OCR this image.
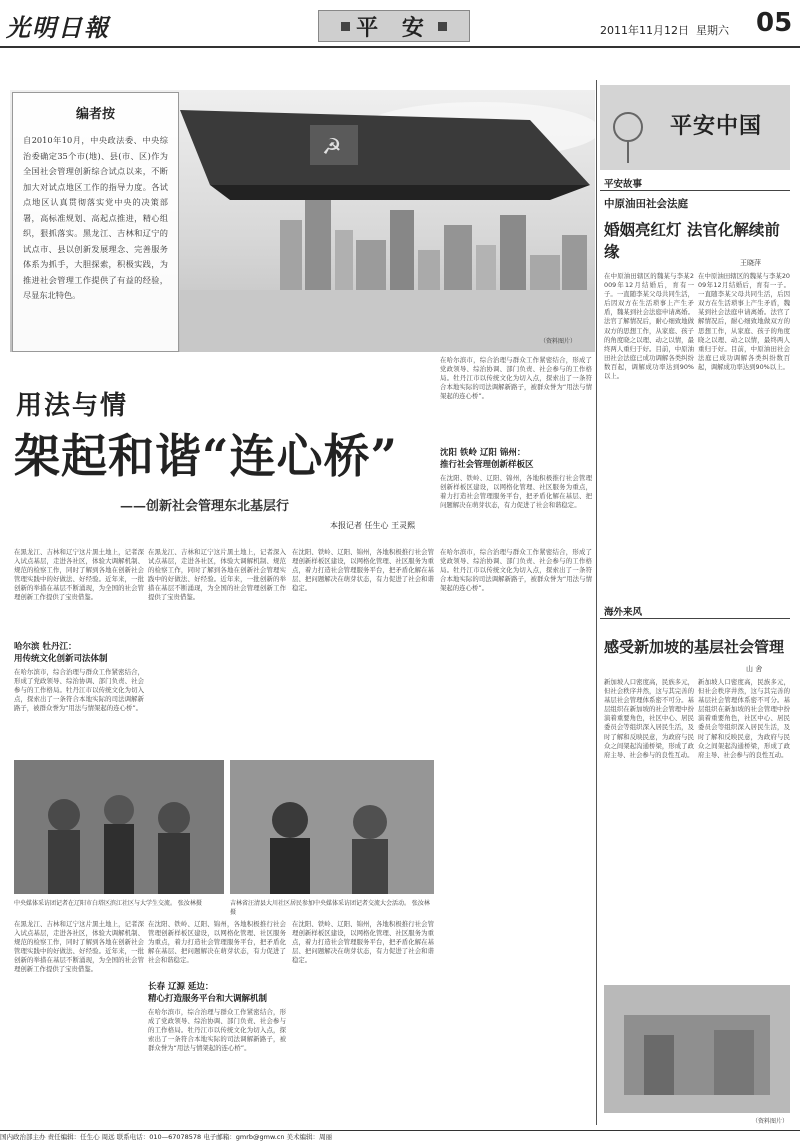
光明日報	平 安	2011年11月12日 星期六 05
☭
编者按
自2010年10月，中央政法委、中央综治委确定35个市(地)、县(市、区)作为全国社会管理创新综合试点以来，不断加大对试点地区工作的指导力度。各试点地区认真贯彻落实党中央的决策部署，高标准规划、高起点推进，精心组织，狠抓落实。黑龙江、吉林和辽宁的试点市、县以创新发展理念、完善服务体系为抓手，大胆探索，积极实践，为推进社会管理工作提供了有益的经验，尽显东北特色。
（资料图片）
用法与情
架起和谐“连心桥”
——创新社会管理东北基层行
本报记者 任生心 王灵熙
在哈尔滨市，综合治理与群众工作紧密结合，形成了党政领导、综治协调、部门负责、社会参与的工作格局。牡丹江市以传统文化为切入点，探索出了一条符合本地实际的司法调解新路子，被群众誉为“用法与情架起的连心桥”。
沈阳 铁岭 辽阳 锦州：
推行社会管理创新样板区
在沈阳、铁岭、辽阳、锦州，各地积极推行社会管理创新样板区建设，以网格化管理、社区服务为重点，着力打造社会管理服务平台，把矛盾化解在基层、把问题解决在萌芽状态，有力促进了社会和谐稳定。
在黑龙江、吉林和辽宁这片黑土地上，记者深入试点基层，走进各社区，体验大调解机制、规范的检察工作，同时了解到各地在创新社会管理实践中的好做法、好经验。近年来，一批创新的举措在基层不断涌现，为全国的社会管理创新工作提供了宝贵借鉴。
哈尔滨 牡丹江：
用传统文化创新司法体制
在哈尔滨市，综合治理与群众工作紧密结合，形成了党政领导、综治协调、部门负责、社会参与的工作格局。牡丹江市以传统文化为切入点，探索出了一条符合本地实际的司法调解新路子，被群众誉为“用法与情架起的连心桥”。
在黑龙江、吉林和辽宁这片黑土地上，记者深入试点基层，走进各社区，体验大调解机制、规范的检察工作，同时了解到各地在创新社会管理实践中的好做法、好经验。近年来，一批创新的举措在基层不断涌现，为全国的社会管理创新工作提供了宝贵借鉴。
在沈阳、铁岭、辽阳、锦州，各地积极推行社会管理创新样板区建设，以网格化管理、社区服务为重点，着力打造社会管理服务平台，把矛盾化解在基层、把问题解决在萌芽状态，有力促进了社会和谐稳定。
在哈尔滨市，综合治理与群众工作紧密结合，形成了党政领导、综治协调、部门负责、社会参与的工作格局。牡丹江市以传统文化为切入点，探索出了一条符合本地实际的司法调解新路子，被群众誉为“用法与情架起的连心桥”。
中央媒体采访团记者在辽阳市白塔区滨江社区与大学生交流。 张汝林摄	吉林省汪清县大川社区居民参加中央媒体采访团记者交流大会活动。 张汝林摄
在黑龙江、吉林和辽宁这片黑土地上，记者深入试点基层，走进各社区，体验大调解机制、规范的检察工作，同时了解到各地在创新社会管理实践中的好做法、好经验。近年来，一批创新的举措在基层不断涌现，为全国的社会管理创新工作提供了宝贵借鉴。
在沈阳、铁岭、辽阳、锦州，各地积极推行社会管理创新样板区建设，以网格化管理、社区服务为重点，着力打造社会管理服务平台，把矛盾化解在基层、把问题解决在萌芽状态，有力促进了社会和谐稳定。
长春 辽源 延边：
精心打造服务平台和大调解机制
在哈尔滨市，综合治理与群众工作紧密结合，形成了党政领导、综治协调、部门负责、社会参与的工作格局。牡丹江市以传统文化为切入点，探索出了一条符合本地实际的司法调解新路子，被群众誉为“用法与情架起的连心桥”。
在沈阳、铁岭、辽阳、锦州，各地积极推行社会管理创新样板区建设，以网格化管理、社区服务为重点，着力打造社会管理服务平台，把矛盾化解在基层、把问题解决在萌芽状态，有力促进了社会和谐稳定。
平安中国
平安故事
中原油田社会法庭
婚姻亮红灯 法官化解续前缘
王晓萍
在中原油田辖区的魏某与李某2009年12月结婚后，育有一子。一直随李某父母共同生活，后因双方在生活琐事上产生矛盾，魏某到社会法庭申请离婚。法官了解情况后，耐心细致地做双方的思想工作，从家庭、孩子的角度晓之以理、动之以情，最终两人重归于好。目前，中原油田社会法庭已成功调解各类纠纷数百起，调解成功率达到90%以上。
在中原油田辖区的魏某与李某2009年12月结婚后，育有一子。一直随李某父母共同生活，后因双方在生活琐事上产生矛盾，魏某到社会法庭申请离婚。法官了解情况后，耐心细致地做双方的思想工作，从家庭、孩子的角度晓之以理、动之以情，最终两人重归于好。目前，中原油田社会法庭已成功调解各类纠纷数百起，调解成功率达到90%以上。
海外来风
感受新加坡的基层社会管理
山 舍
新加坡人口密度高，民族多元，但社会秩序井然，这与其完善的基层社会管理体系密不可分。基层组织在新加坡的社会管理中扮演着重要角色，社区中心、居民委员会等组织深入居民生活，及时了解和反映民意，为政府与民众之间架起沟通桥梁，形成了政府主导、社会参与的良性互动。
新加坡人口密度高，民族多元，但社会秩序井然，这与其完善的基层社会管理体系密不可分。基层组织在新加坡的社会管理中扮演着重要角色，社区中心、居民委员会等组织深入居民生活，及时了解和反映民意，为政府与民众之间架起沟通桥梁，形成了政府主导、社会参与的良性互动。
（资料图片）
国内政治部主办 责任编辑：任生心 周远 联系电话：010—67078578 电子邮箱：gmrb@gmw.cn 美术编辑：周丽
